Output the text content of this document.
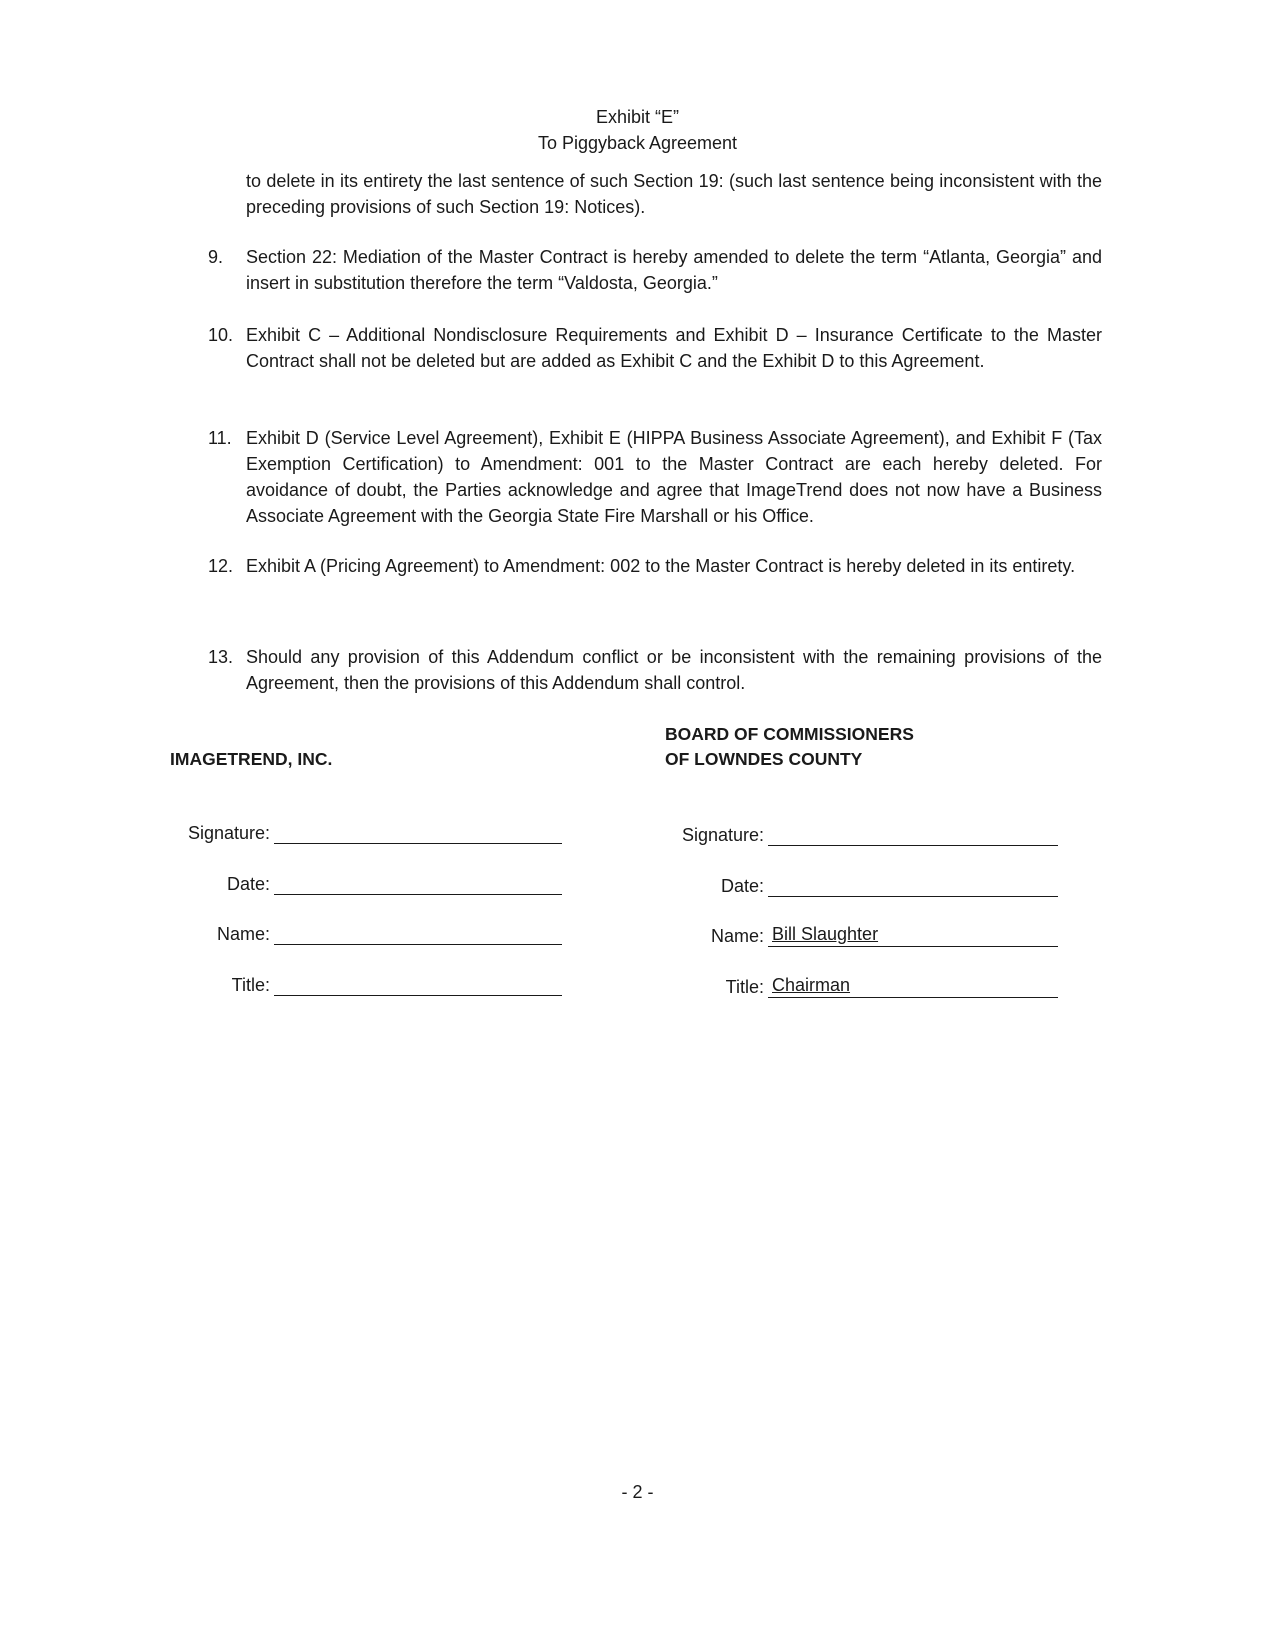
Exhibit “E”
To Piggyback Agreement
to delete in its entirety the last sentence of such Section 19: (such last sentence being inconsistent with the preceding provisions of such Section 19: Notices).
9. Section 22: Mediation of the Master Contract is hereby amended to delete the term “Atlanta, Georgia” and insert in substitution therefore the term “Valdosta, Georgia.”
10. Exhibit C – Additional Nondisclosure Requirements and Exhibit D – Insurance Certificate to the Master Contract shall not be deleted but are added as Exhibit C and the Exhibit D to this Agreement.
11. Exhibit D (Service Level Agreement), Exhibit E (HIPPA Business Associate Agreement), and Exhibit F (Tax Exemption Certification) to Amendment: 001 to the Master Contract are each hereby deleted. For avoidance of doubt, the Parties acknowledge and agree that ImageTrend does not now have a Business Associate Agreement with the Georgia State Fire Marshall or his Office.
12. Exhibit A (Pricing Agreement) to Amendment: 002 to the Master Contract is hereby deleted in its entirety.
13. Should any provision of this Addendum conflict or be inconsistent with the remaining provisions of the Agreement, then the provisions of this Addendum shall control.
IMAGETREND, INC.
BOARD OF COMMISSIONERS
OF LOWNDES COUNTY
Signature:
Date:
Name:
Title:
Signature:
Date:
Name: Bill Slaughter
Title: Chairman
- 2 -
